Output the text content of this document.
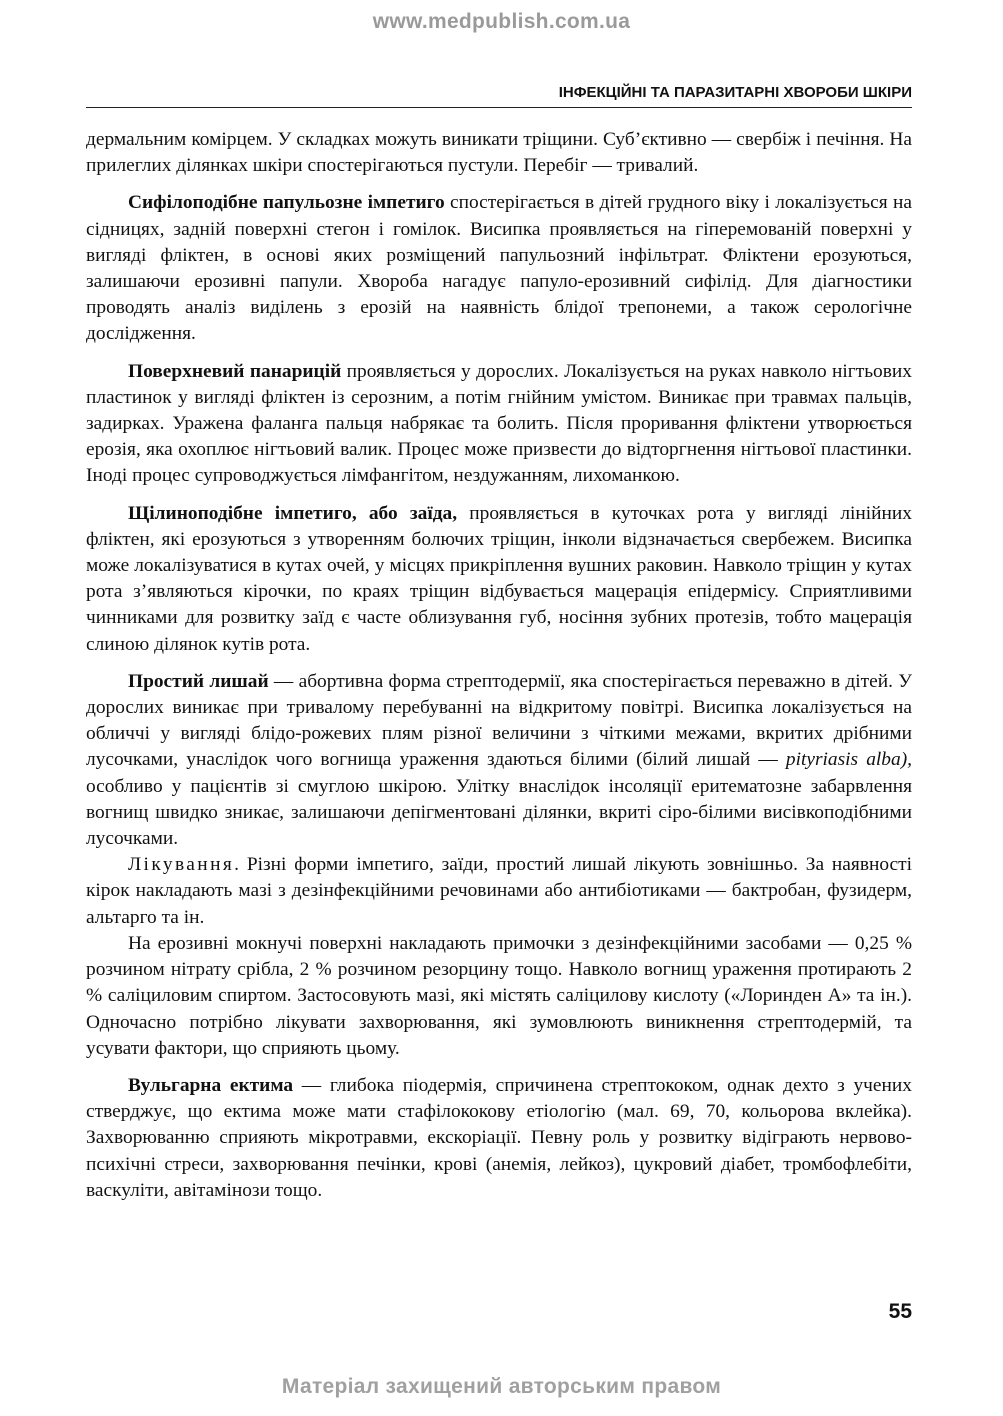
www.medpublish.com.ua
ІНФЕКЦІЙНІ ТА ПАРАЗИТАРНІ ХВОРОБИ ШКІРИ

дермальним комірцем. У складках можуть виникати тріщини. Суб’єктивно — свербіж і печіння. На прилеглих ділянках шкіри спостерігаються пустули. Перебіг — тривалий.

Сифілоподібне папульозне імпетиго спостерігається в дітей грудного віку і локалізується на сідницях, задній поверхні стегон і гомілок. Висипка проявляється на гіперемованій поверхні у вигляді фліктен, в основі яких розміщений папульозний інфільтрат. Фліктени ерозуються, залишаючи ерозивні папули. Хвороба нагадує папуло-ерозивний сифілід. Для діагностики проводять аналіз виділень з ерозій на наявність блідої трепонеми, а також серологічне дослідження.

Поверхневий панарицій проявляється у дорослих. Локалізується на руках навколо нігтьових пластинок у вигляді фліктен із серозним, а потім гнійним умістом. Виникає при травмах пальців, задирках. Уражена фаланга пальця набрякає та болить. Після проривання фліктени утворюється ерозія, яка охоплює нігтьовий валик. Процес може призвести до відторгнення нігтьової пластинки. Іноді процес супроводжується лімфангітом, нездужанням, лихоманкою.

Щілиноподібне імпетиго, або заїда, проявляється в куточках рота у вигляді лінійних фліктен, які ерозуються з утворенням болючих тріщин, інколи відзначається свербежем. Висипка може локалізуватися в кутах очей, у місцях прикріплення вушних раковин. Навколо тріщин у кутах рота з’являються кірочки, по краях тріщин відбувається мацерація епідермісу. Сприятливими чинниками для розвитку заїд є часте облизування губ, носіння зубних протезів, тобто мацерація слиною ділянок кутів рота.

Простий лишай — абортивна форма стрептодермії, яка спостерігається переважно в дітей. У дорослих виникає при тривалому перебуванні на відкритому повітрі. Висипка локалізується на обличчі у вигляді блідо-рожевих плям різної величини з чіткими межами, вкритих дрібними лусочками, унаслідок чого вогнища ураження здаються білими (білий лишай — pityriasis alba), особливо у пацієнтів зі смуглою шкірою. Улітку внаслідок інсоляції еритематозне забарвлення вогнищ швидко зникає, залишаючи депігментовані ділянки, вкриті сіро-білими висівкоподібними лусочками.

Лікування. Різні форми імпетиго, заїди, простий лишай лікують зовнішньо. За наявності кірок накладають мазі з дезінфекційними речовинами або антибіотиками — бактробан, фузидерм, альтарго та ін.

На ерозивні мокнучі поверхні накладають примочки з дезінфекційними засобами — 0,25 % розчином нітрату срібла, 2 % розчином резорцину тощо. Навколо вогнищ ураження протирають 2 % саліциловим спиртом. Застосовують мазі, які містять саліцилову кислоту («Лоринден А» та ін.). Одночасно потрібно лікувати захворювання, які зумовлюють виникнення стрептодермій, та усувати фактори, що сприяють цьому.

Вульгарна ектима — глибока піодермія, спричинена стрептококом, однак дехто з учених стверджує, що ектима може мати стафілококову етіологію (мал. 69, 70, кольорова вклейка). Захворюванню сприяють мікротравми, екскоріації. Певну роль у розвитку відіграють нервово-психічні стреси, захворювання печінки, крові (анемія, лейкоз), цукровий діабет, тромбофлебіти, васкуліти, авітамінози тощо.

55
Матеріал захищений авторським правом
